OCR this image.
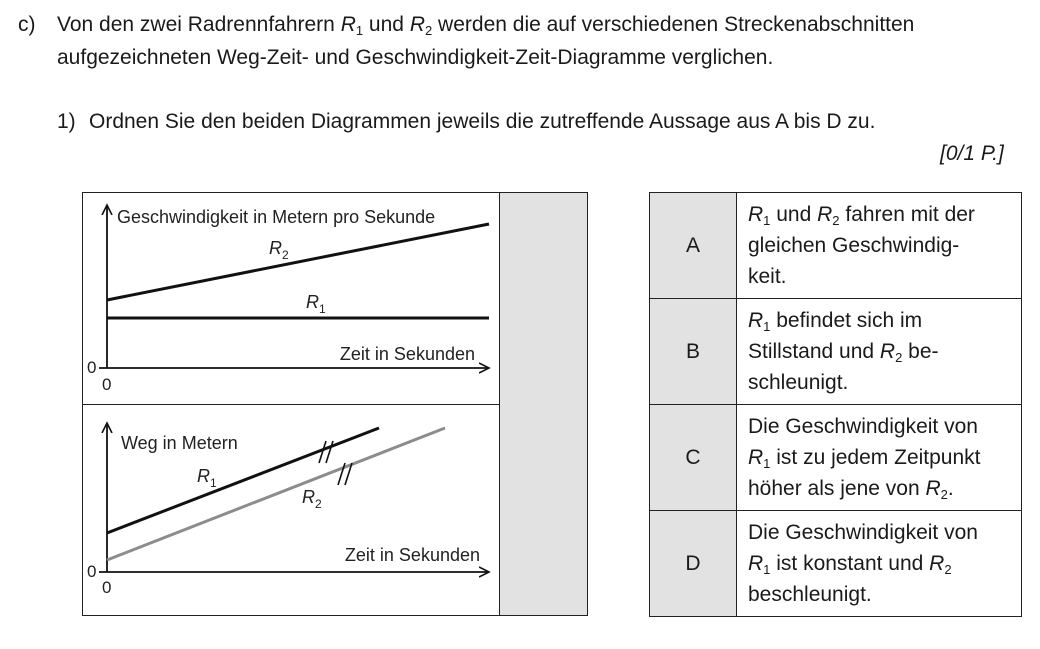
c) Von den zwei Radrennfahrern $R_1$ und $R_2$ werden die auf verschiedenen Streckenabschnitten
aufgezeichneten Weg-Zeit- und Geschwindigkeit-Zeit-Diagramme verglichen.
1) Ordnen Sie den beiden Diagrammen jeweils die zutreffende Aussage aus A bis D zu.
[0/1 P.]
Geschwindigkeit in Metern pro Sekunde
Zeit in Sekunden
0
0
$R_2$
$R_1$
Weg in Metern
Zeit in Sekunden
0
0
$R_1$
$R_2$
A	$R_1$ und $R_2$ fahren mit der
gleichen Geschwindig-
keit.

B	$R_1$ befindet sich im
Stillstand und $R_2$ be-
schleunigt.

C	Die Geschwindigkeit von
$R_1$ ist zu jedem Zeitpunkt
höher als jene von $R_2$.

D	Die Geschwindigkeit von
$R_1$ ist konstant und $R_2$
beschleunigt.
